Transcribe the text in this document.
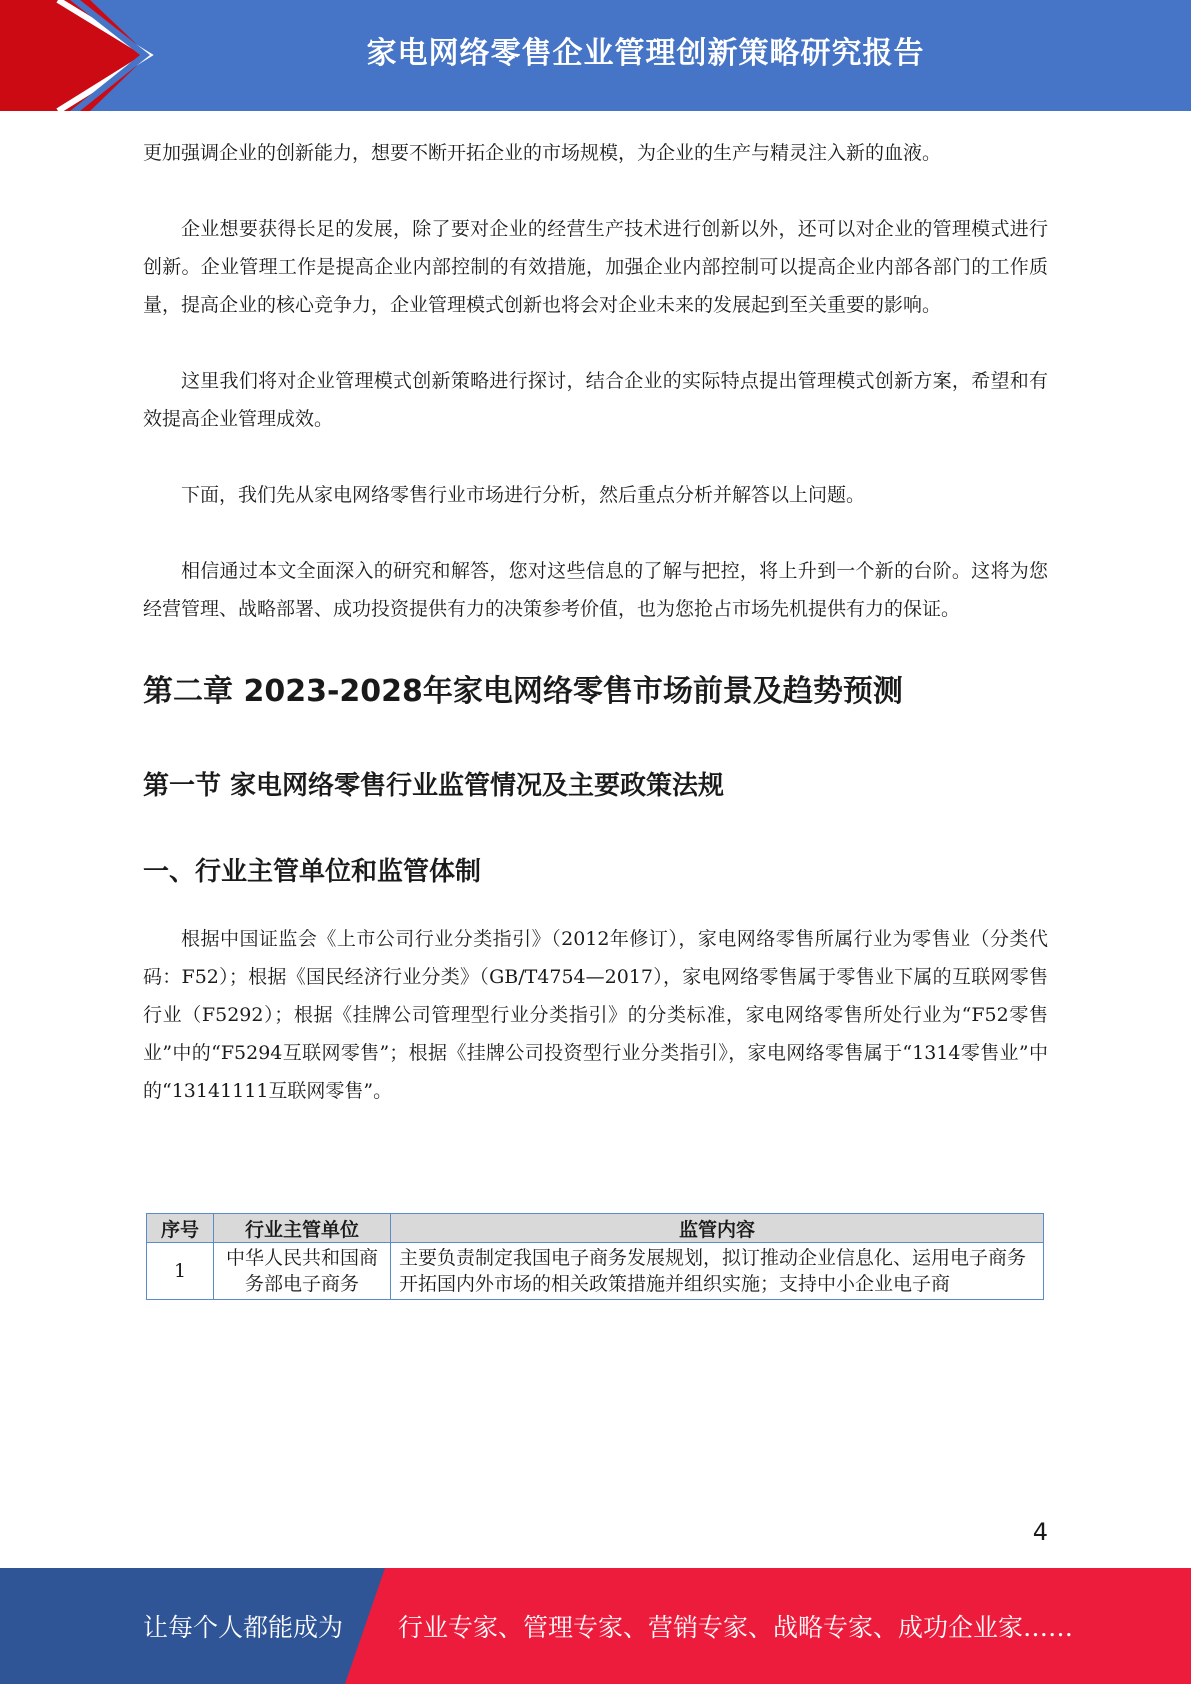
家电网络零售企业管理创新策略研究报告

更加强调企业的创新能力，想要不断开拓企业的市场规模，为企业的生产与精灵注入新的血液。

企业想要获得长足的发展，除了要对企业的经营生产技术进行创新以外，还可以对企业的管理模式进行创新。企业管理工作是提高企业内部控制的有效措施，加强企业内部控制可以提高企业内部各部门的工作质量，提高企业的核心竞争力，企业管理模式创新也将会对企业未来的发展起到至关重要的影响。

这里我们将对企业管理模式创新策略进行探讨，结合企业的实际特点提出管理模式创新方案，希望和有效提高企业管理成效。

下面，我们先从家电网络零售行业市场进行分析，然后重点分析并解答以上问题。

相信通过本文全面深入的研究和解答，您对这些信息的了解与把控，将上升到一个新的台阶。这将为您经营管理、战略部署、成功投资提供有力的决策参考价值，也为您抢占市场先机提供有力的保证。

第二章 2023-2028年家电网络零售市场前景及趋势预测
第一节 家电网络零售行业监管情况及主要政策法规
一、行业主管单位和监管体制

根据中国证监会《上市公司行业分类指引》（2012年修订），家电网络零售所属行业为零售业（分类代码：F52）；根据《国民经济行业分类》（GB/T4754—2017），家电网络零售属于零售业下属的互联网零售行业（F5292）；根据《挂牌公司管理型行业分类指引》的分类标准，家电网络零售所处行业为“F52零售业”中的“F5294互联网零售”；根据《挂牌公司投资型行业分类指引》，家电网络零售属于“1314零售业”中的“13141111互联网零售”。

序号	行业主管单位	监管内容
1	中华人民共和国商务部电子商务	主要负责制定我国电子商务发展规划，拟订推动企业信息化、运用电子商务开拓国内外市场的相关政策措施并组织实施；支持中小企业电子商
4
让每个人都能成为 行业专家、管理专家、营销专家、战略专家、成功企业家……
